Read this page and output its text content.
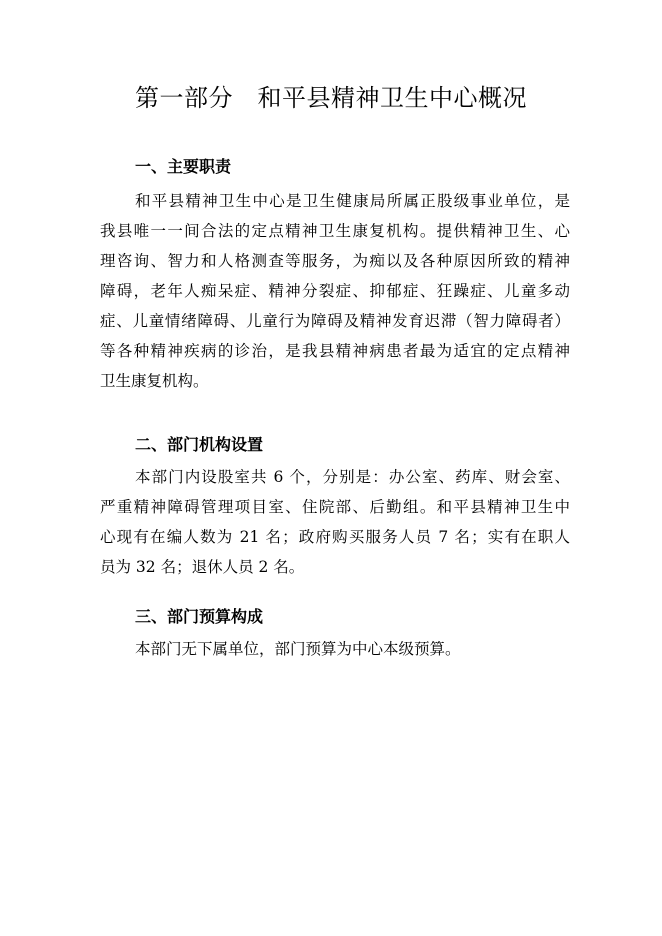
第一部分　和平县精神卫生中心概况
一、主要职责
和平县精神卫生中心是卫生健康局所属正股级事业单位，是
我县唯一一间合法的定点精神卫生康复机构。提供精神卫生、心
理咨询、智力和人格测查等服务，为痴以及各种原因所致的精神
障碍，老年人痴呆症、精神分裂症、抑郁症、狂躁症、儿童多动
症、儿童情绪障碍、儿童行为障碍及精神发育迟滞（智力障碍者）
等各种精神疾病的诊治，是我县精神病患者最为适宜的定点精神
卫生康复机构。
二、部门机构设置
本部门内设股室共 6 个，分别是：办公室、药库、财会室、
严重精神障碍管理项目室、住院部、后勤组。和平县精神卫生中
心现有在编人数为 21 名；政府购买服务人员 7 名；实有在职人
员为 32 名；退休人员 2 名。
三、部门预算构成
本部门无下属单位，部门预算为中心本级预算。
